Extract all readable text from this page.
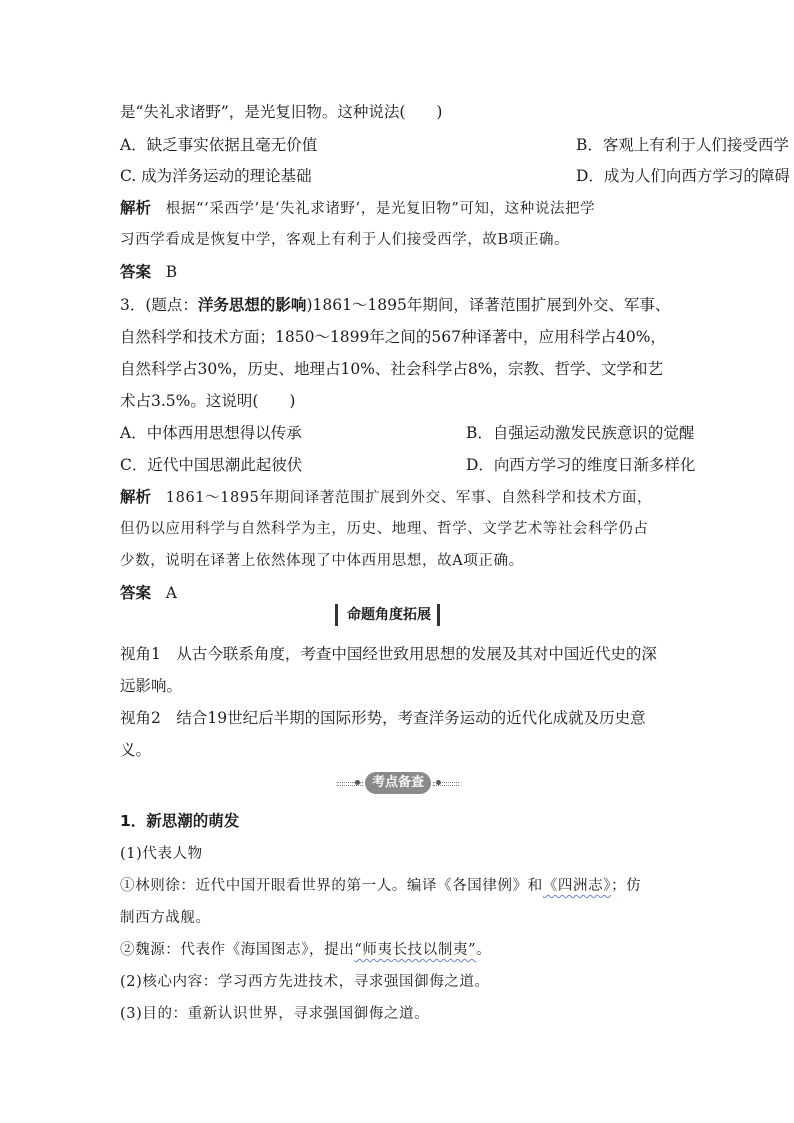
是“失礼求诸野”，是光复旧物。这种说法(　　)
A．缺乏事实依据且毫无价值	B．客观上有利于人们接受西学
C. 成为洋务运动的理论基础	D．成为人们向西方学习的障碍
解析 根据“‘采西学’是‘失礼求诸野’，是光复旧物”可知，这种说法把学
习西学看成是恢复中学，客观上有利于人们接受西学，故B项正确。
答案 B
3．(题点：洋务思想的影响)1861～1895年期间，译著范围扩展到外交、军事、
自然科学和技术方面；1850～1899年之间的567种译著中，应用科学占40%，
自然科学占30%，历史、地理占10%、社会科学占8%，宗教、哲学、文学和艺
术占3.5%。这说明(　　)
A．中体西用思想得以传承	B．自强运动激发民族意识的觉醒
C．近代中国思潮此起彼伏	D．向西方学习的维度日渐多样化
解析 1861～1895年期间译著范围扩展到外交、军事、自然科学和技术方面，
但仍以应用科学与自然科学为主，历史、地理、哲学、文学艺术等社会科学仍占
少数，说明在译著上依然体现了中体西用思想，故A项正确。
答案 A
命题角度拓展
视角1　从古今联系角度，考查中国经世致用思想的发展及其对中国近代史的深
远影响。
视角2　结合19世纪后半期的国际形势，考查洋务运动的近代化成就及历史意
义。
考点备查
1．新思潮的萌发
(1)代表人物
①林则徐：近代中国开眼看世界的第一人。编译《各国律例》和《四洲志》；仿
制西方战舰。
②魏源：代表作《海国图志》，提出“师夷长技以制夷”。
(2)核心内容：学习西方先进技术，寻求强国御侮之道。
(3)目的：重新认识世界，寻求强国御侮之道。
